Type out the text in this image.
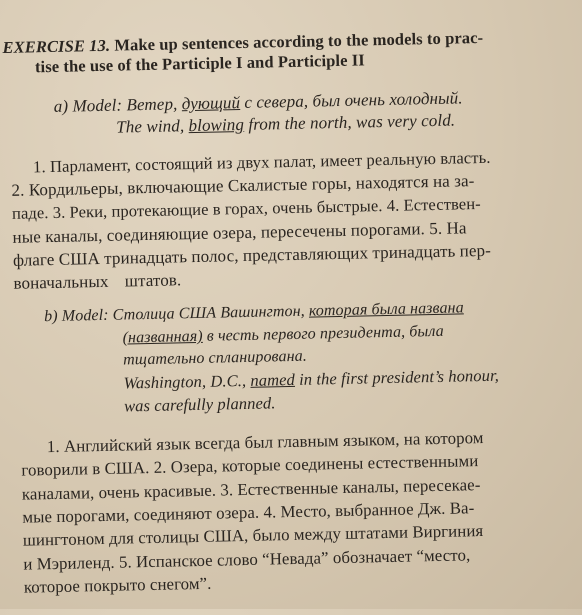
EXERCISE 13. Make up sentences according to the models to prac-
tise the use of the Participle I and Participle II
a) Model: Ветер, дующий с севера, был очень холодный.
The wind, blowing from the north, was very cold.
1. Парламент, состоящий из двух палат, имеет реальную власть.
2. Кордильеры, включающие Скалистые горы, находятся на за-
паде. 3. Реки, протекающие в горах, очень быстрые. 4. Естествен-
ные каналы, соединяющие озера, пересечены порогами. 5. На
флаге США тринадцать полос, представляющих тринадцать пер-
воначальных штатов.
b) Model: Столица США Вашингтон, которая была названа
(названная) в честь первого президента, была
тщательно спланирована.
Washington, D.C., named in the first president’s honour,
was carefully planned.
1. Английский язык всегда был главным языком, на котором
говорили в США. 2. Озера, которые соединены естественными
каналами, очень красивые. 3. Естественные каналы, пересекае-
мые порогами, соединяют озера. 4. Место, выбранное Дж. Ва-
шингтоном для столицы США, было между штатами Виргиния
и Мэриленд. 5. Испанское слово “Невада” обозначает “место,
которое покрыто снегом”.
